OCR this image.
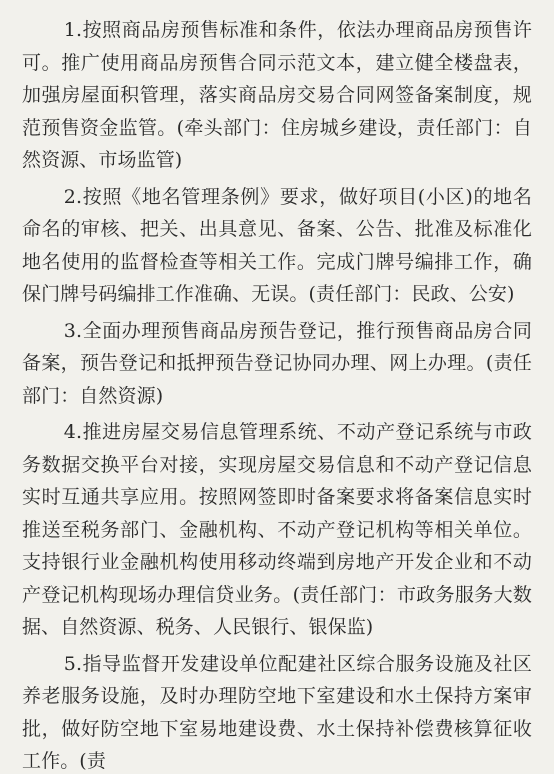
1.按照商品房预售标准和条件，依法办理商品房预售许可。推广使用商品房预售合同示范文本，建立健全楼盘表，加强房屋面积管理，落实商品房交易合同网签备案制度，规范预售资金监管。(牵头部门：住房城乡建设，责任部门：自然资源、市场监管)

2.按照《地名管理条例》要求，做好项目(小区)的地名命名的审核、把关、出具意见、备案、公告、批准及标准化地名使用的监督检查等相关工作。完成门牌号编排工作，确保门牌号码编排工作准确、无误。(责任部门：民政、公安)

3.全面办理预售商品房预告登记，推行预售商品房合同备案，预告登记和抵押预告登记协同办理、网上办理。(责任部门：自然资源)

4.推进房屋交易信息管理系统、不动产登记系统与市政务数据交换平台对接，实现房屋交易信息和不动产登记信息实时互通共享应用。按照网签即时备案要求将备案信息实时推送至税务部门、金融机构、不动产登记机构等相关单位。支持银行业金融机构使用移动终端到房地产开发企业和不动产登记机构现场办理信贷业务。(责任部门：市政务服务大数据、自然资源、税务、人民银行、银保监)

5.指导监督开发建设单位配建社区综合服务设施及社区养老服务设施，及时办理防空地下室建设和水土保持方案审批，做好防空地下室易地建设费、水土保持补偿费核算征收工作。(责
